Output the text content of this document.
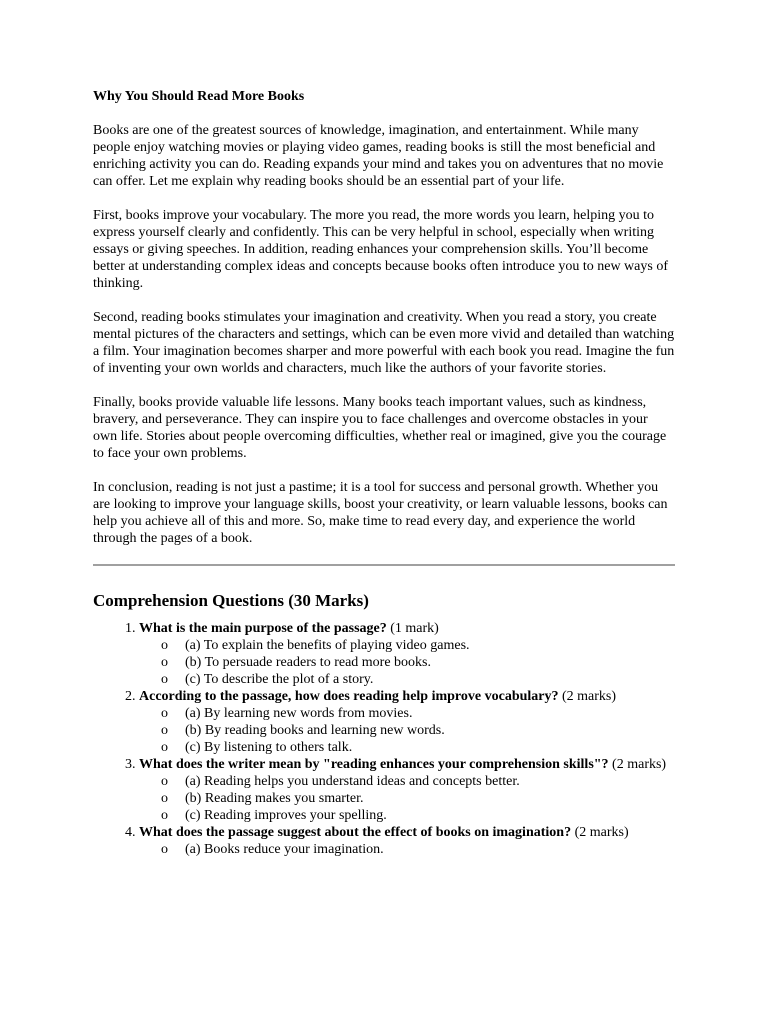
Why You Should Read More Books

Books are one of the greatest sources of knowledge, imagination, and entertainment. While many people enjoy watching movies or playing video games, reading books is still the most beneficial and enriching activity you can do. Reading expands your mind and takes you on adventures that no movie can offer. Let me explain why reading books should be an essential part of your life.

First, books improve your vocabulary. The more you read, the more words you learn, helping you to express yourself clearly and confidently. This can be very helpful in school, especially when writing essays or giving speeches. In addition, reading enhances your comprehension skills. You’ll become better at understanding complex ideas and concepts because books often introduce you to new ways of thinking.

Second, reading books stimulates your imagination and creativity. When you read a story, you create mental pictures of the characters and settings, which can be even more vivid and detailed than watching a film. Your imagination becomes sharper and more powerful with each book you read. Imagine the fun of inventing your own worlds and characters, much like the authors of your favorite stories.

Finally, books provide valuable life lessons. Many books teach important values, such as kindness, bravery, and perseverance. They can inspire you to face challenges and overcome obstacles in your own life. Stories about people overcoming difficulties, whether real or imagined, give you the courage to face your own problems.

In conclusion, reading is not just a pastime; it is a tool for success and personal growth. Whether you are looking to improve your language skills, boost your creativity, or learn valuable lessons, books can help you achieve all of this and more. So, make time to read every day, and experience the world through the pages of a book.

Comprehension Questions (30 Marks)
1. What is the main purpose of the passage? (1 mark)
o (a) To explain the benefits of playing video games.
o (b) To persuade readers to read more books.
o (c) To describe the plot of a story.
2. According to the passage, how does reading help improve vocabulary? (2 marks)
o (a) By learning new words from movies.
o (b) By reading books and learning new words.
o (c) By listening to others talk.
3. What does the writer mean by "reading enhances your comprehension skills"? (2 marks)
o (a) Reading helps you understand ideas and concepts better.
o (b) Reading makes you smarter.
o (c) Reading improves your spelling.
4. What does the passage suggest about the effect of books on imagination? (2 marks)
o (a) Books reduce your imagination.
